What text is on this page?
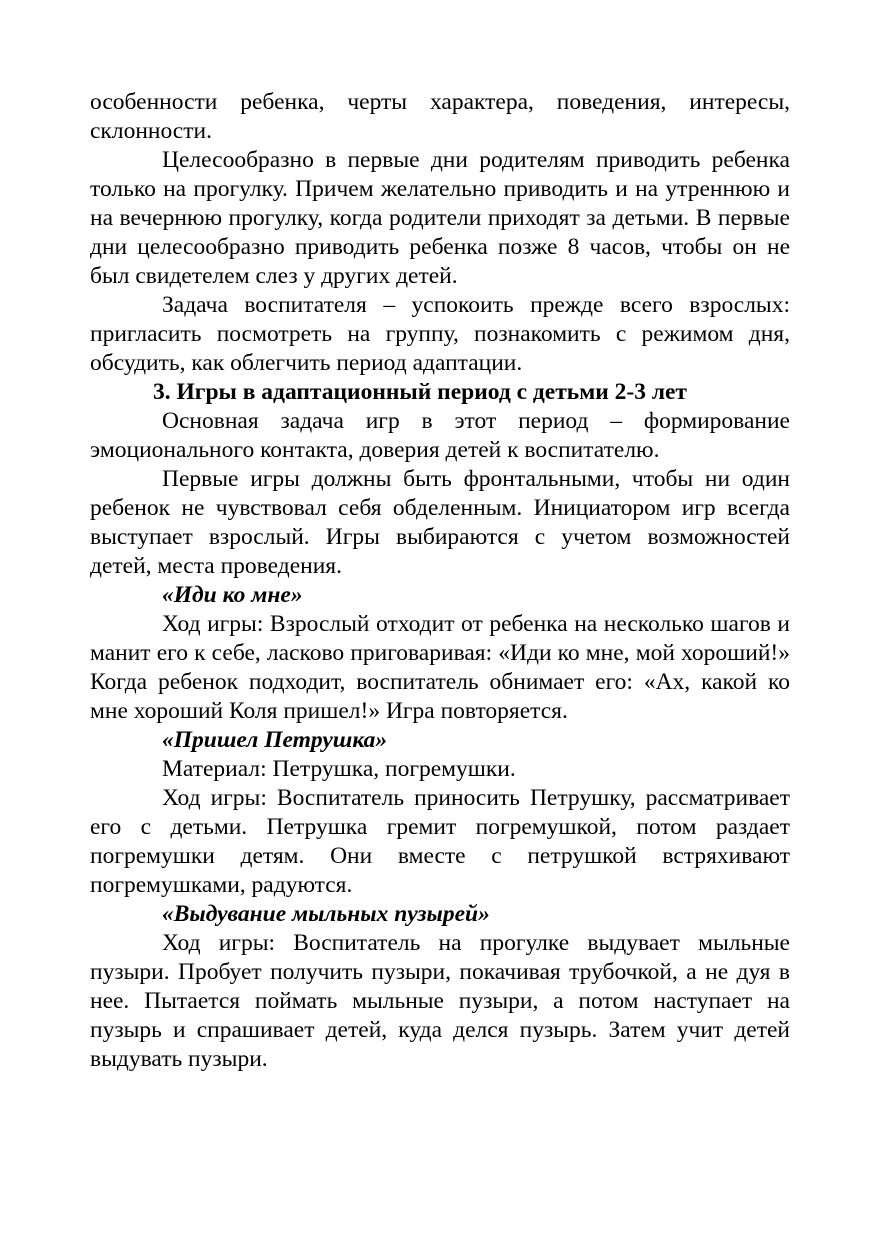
особенности ребенка, черты характера, поведения, интересы, склонности.

Целесообразно в первые дни родителям приводить ребенка только на прогулку. Причем желательно приводить и на утреннюю и на вечернюю прогулку, когда родители приходят за детьми. В первые дни целесообразно приводить ребенка позже 8 часов, чтобы он не был свидетелем слез у других детей.

Задача воспитателя – успокоить прежде всего взрослых: пригласить посмотреть на группу, познакомить с режимом дня, обсудить, как облегчить период адаптации.

3. Игры в адаптационный период с детьми 2-3 лет

Основная задача игр в этот период – формирование эмоционального контакта, доверия детей к воспитателю.

Первые игры должны быть фронтальными, чтобы ни один ребенок не чувствовал себя обделенным. Инициатором игр всегда выступает взрослый. Игры выбираются с учетом возможностей детей, места проведения.

«Иди ко мне»

Ход игры: Взрослый отходит от ребенка на несколько шагов и манит его к себе, ласково приговаривая: «Иди ко мне, мой хороший!» Когда ребенок подходит, воспитатель обнимает его: «Ах, какой ко мне хороший Коля пришел!» Игра повторяется.

«Пришел Петрушка»

Материал: Петрушка, погремушки.

Ход игры: Воспитатель приносить Петрушку, рассматривает его с детьми. Петрушка гремит погремушкой, потом раздает погремушки детям. Они вместе с петрушкой встряхивают погремушками, радуются.

«Выдувание мыльных пузырей»

Ход игры: Воспитатель на прогулке выдувает мыльные пузыри. Пробует получить пузыри, покачивая трубочкой, а не дуя в нее. Пытается поймать мыльные пузыри, а потом наступает на пузырь и спрашивает детей, куда делся пузырь. Затем учит детей выдувать пузыри.
